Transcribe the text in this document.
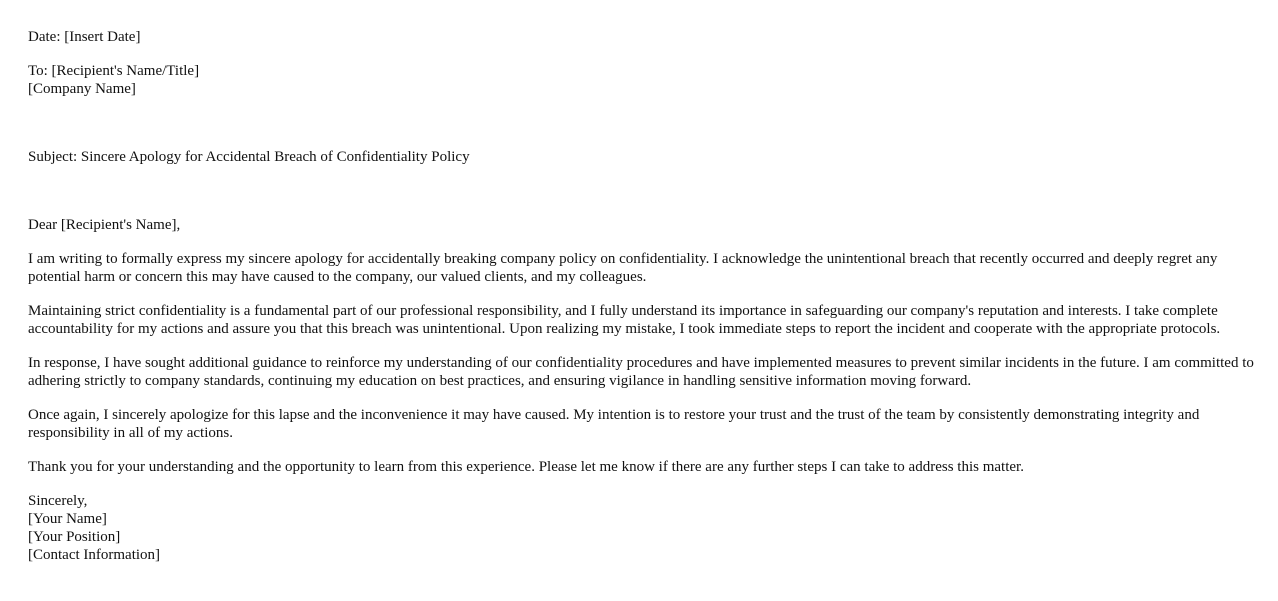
Date: [Insert Date]

To: [Recipient's Name/Title]
[Company Name]

Subject: Sincere Apology for Accidental Breach of Confidentiality Policy

Dear [Recipient's Name],

I am writing to formally express my sincere apology for accidentally breaking company policy on confidentiality. I acknowledge the unintentional breach that recently occurred and deeply regret any potential harm or concern this may have caused to the company, our valued clients, and my colleagues.

Maintaining strict confidentiality is a fundamental part of our professional responsibility, and I fully understand its importance in safeguarding our company's reputation and interests. I take complete accountability for my actions and assure you that this breach was unintentional. Upon realizing my mistake, I took immediate steps to report the incident and cooperate with the appropriate protocols.

In response, I have sought additional guidance to reinforce my understanding of our confidentiality procedures and have implemented measures to prevent similar incidents in the future. I am committed to adhering strictly to company standards, continuing my education on best practices, and ensuring vigilance in handling sensitive information moving forward.

Once again, I sincerely apologize for this lapse and the inconvenience it may have caused. My intention is to restore your trust and the trust of the team by consistently demonstrating integrity and responsibility in all of my actions.

Thank you for your understanding and the opportunity to learn from this experience. Please let me know if there are any further steps I can take to address this matter.

Sincerely,
[Your Name]
[Your Position]
[Contact Information]
